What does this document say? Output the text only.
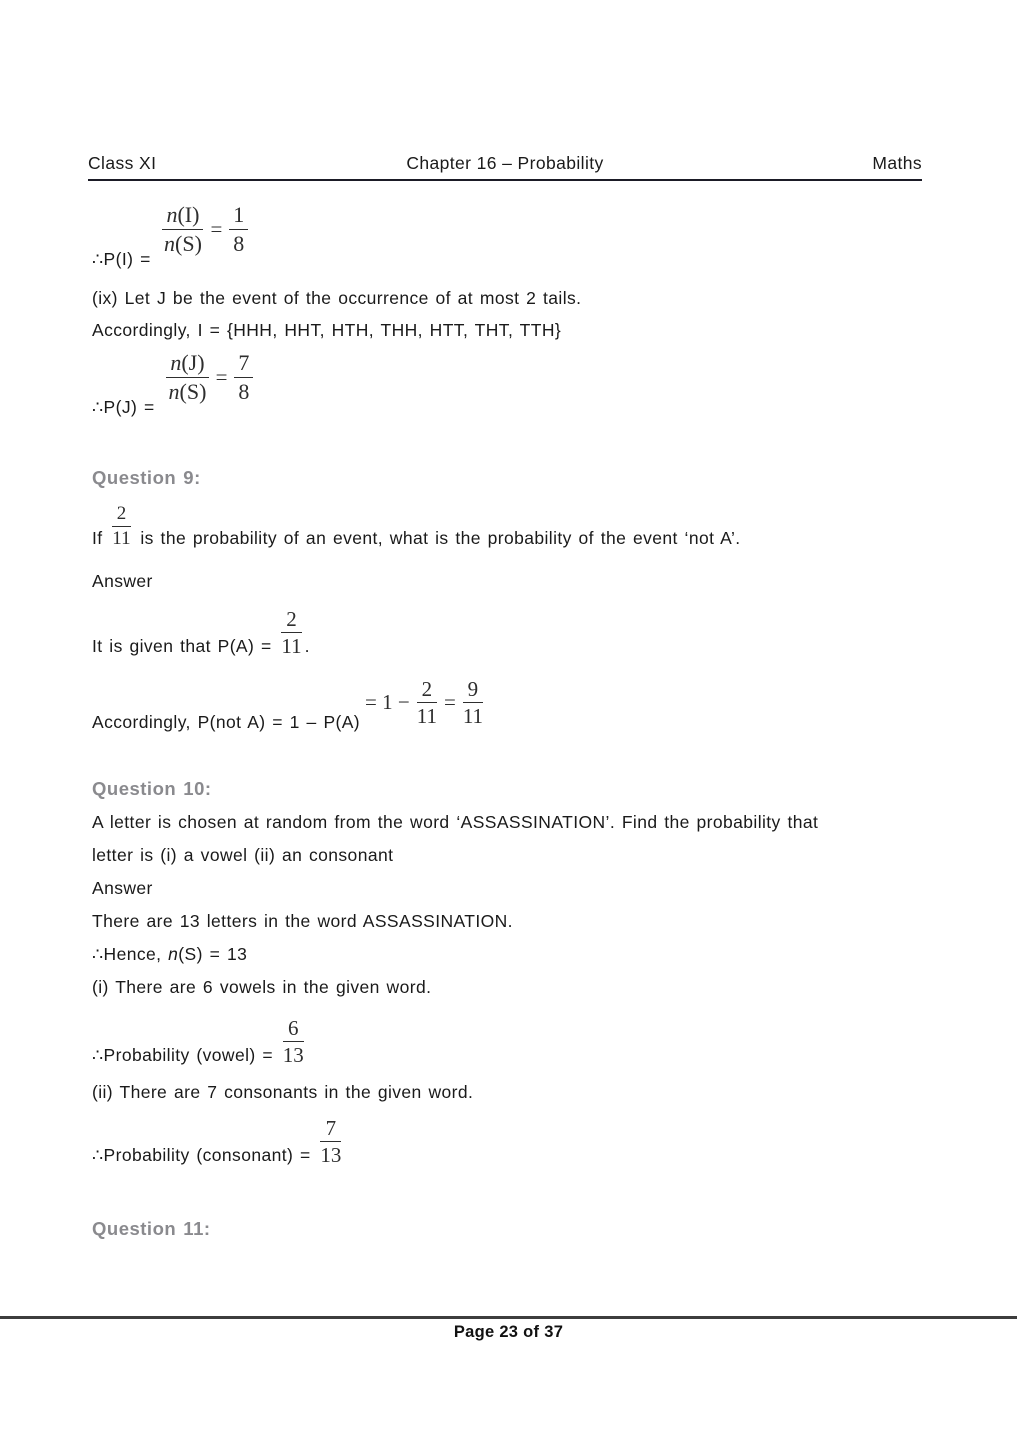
Class XI	Chapter 16 – Probability	Maths
∴P(I) =
$\frac{n(I)}{n(S)} = \frac{1}{8}$
(ix) Let J be the event of the occurrence of at most 2 tails.
Accordingly, I = {HHH, HHT, HTH, THH, HTT, THT, TTH}
∴P(J) =
$\frac{n(J)}{n(S)} = \frac{7}{8}$
Question 9:
If $\frac{2}{11}$ is the probability of an event, what is the probability of the event ‘not A’.
Answer
It is given that $P(A) = \frac{2}{11}$ .
Accordingly, P(not A) = 1 – P(A)
= $1 - \frac{2}{11} = \frac{9}{11}$
Question 10:
A letter is chosen at random from the word ‘ASSASSINATION’. Find the probability that
letter is (i) a vowel (ii) an consonant
Answer
There are 13 letters in the word ASSASSINATION.
∴Hence, n(S) = 13
(i) There are 6 vowels in the given word.
∴Probability (vowel) = $\frac{6}{13}$
(ii) There are 7 consonants in the given word.
∴Probability (consonant) = $\frac{7}{13}$
Question 11:
Page 23 of 37
